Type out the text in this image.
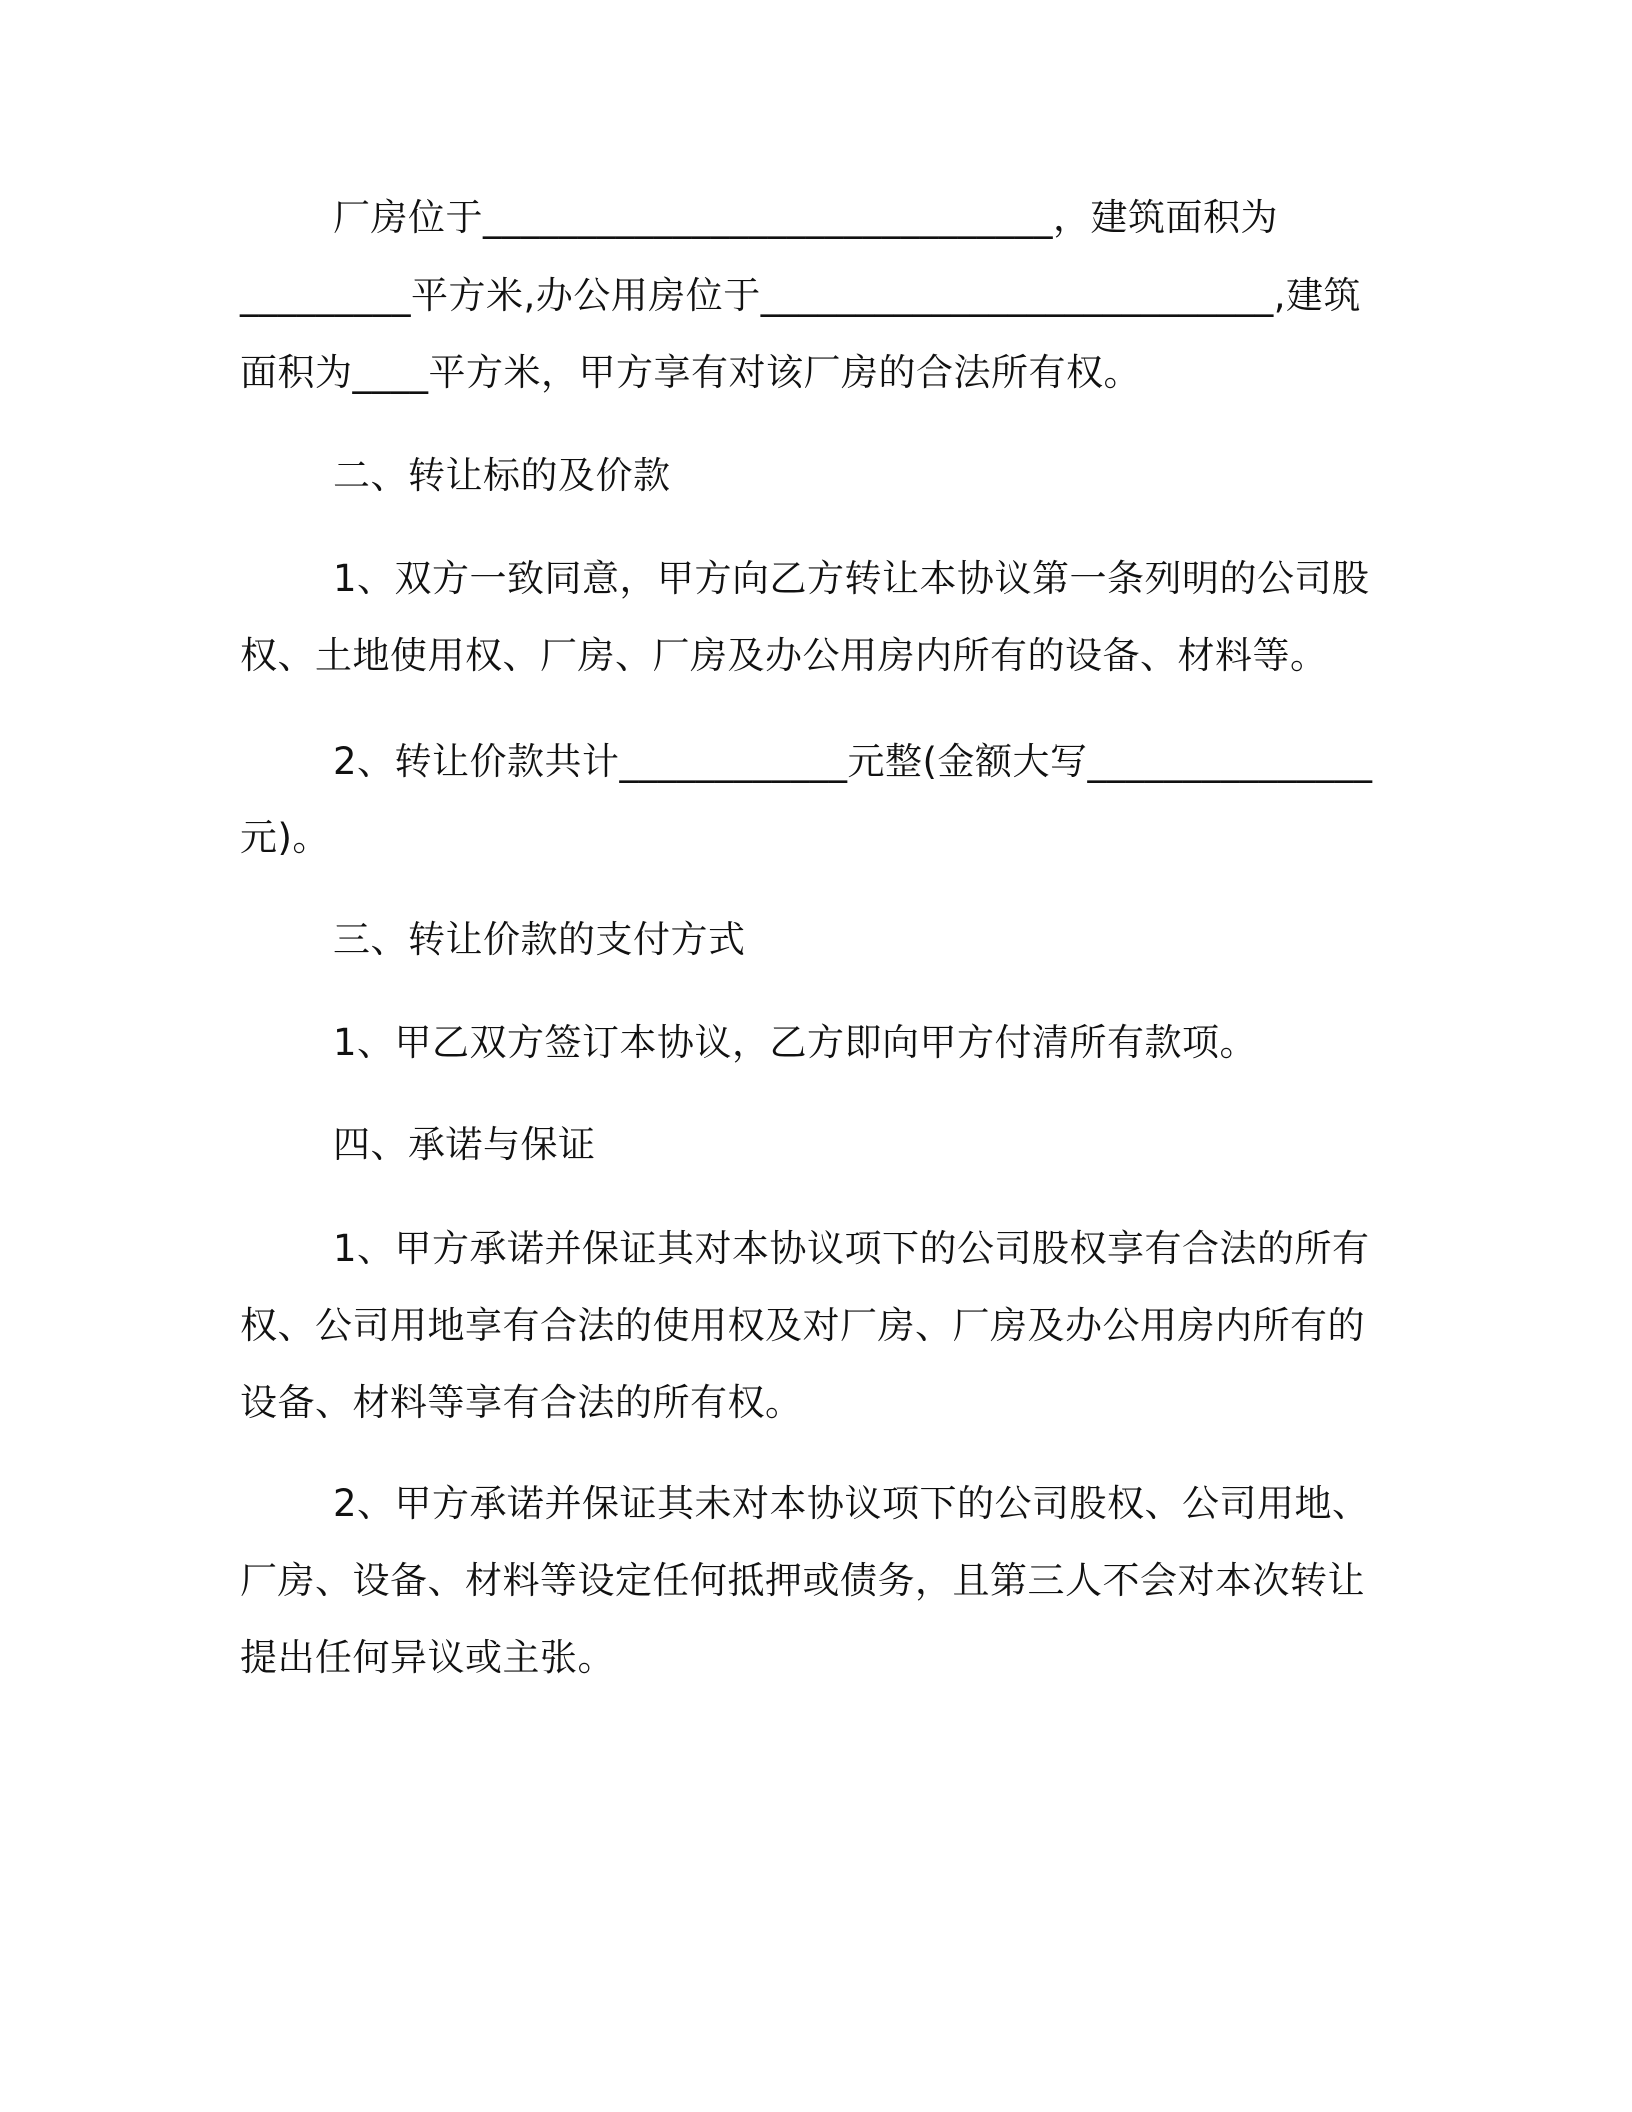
厂房位于______________________________，建筑面积为

_________平方米,办公用房位于___________________________,建筑

面积为____平方米，甲方享有对该厂房的合法所有权。

二、转让标的及价款

1、双方一致同意，甲方向乙方转让本协议第一条列明的公司股

权、土地使用权、厂房、厂房及办公用房内所有的设备、材料等。

2、转让价款共计____________元整(金额大写_______________

元)。

三、转让价款的支付方式

1、甲乙双方签订本协议，乙方即向甲方付清所有款项。

四、承诺与保证

1、甲方承诺并保证其对本协议项下的公司股权享有合法的所有

权、公司用地享有合法的使用权及对厂房、厂房及办公用房内所有的

设备、材料等享有合法的所有权。

2、甲方承诺并保证其未对本协议项下的公司股权、公司用地、

厂房、设备、材料等设定任何抵押或债务，且第三人不会对本次转让

提出任何异议或主张。
